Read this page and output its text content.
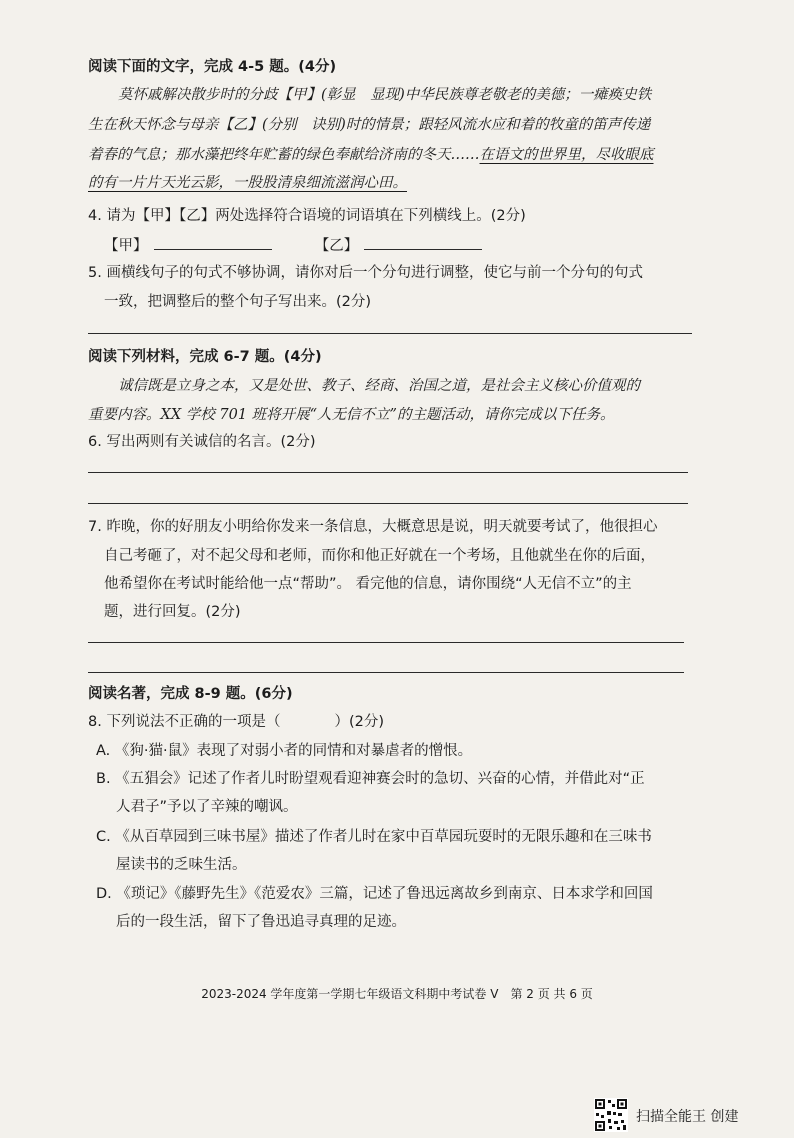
阅读下面的文字，完成 4-5 题。(4分)
莫怀戚解决散步时的分歧【甲】(彰显　显现)中华民族尊老敬老的美德；一瘫痪史铁
生在秋天怀念与母亲【乙】(分别　诀别)时的情景；跟轻风流水应和着的牧童的笛声传递
着春的气息；那水藻把终年贮蓄的绿色奉献给济南的冬天……在语文的世界里，尽收眼底
的有一片片天光云影，一股股清泉细流滋润心田。
4. 请为【甲】【乙】两处选择符合语境的词语填在下列横线上。(2分)
【甲】	【乙】
5. 画横线句子的句式不够协调，请你对后一个分句进行调整，使它与前一个分句的句式
一致，把调整后的整个句子写出来。(2分)
阅读下列材料，完成 6-7 题。(4分)
诚信既是立身之本，又是处世、教子、经商、治国之道，是社会主义核心价值观的
重要内容。XX 学校 701 班将开展“人无信不立”的主题活动，请你完成以下任务。
6. 写出两则有关诚信的名言。(2分)
7. 昨晚，你的好朋友小明给你发来一条信息，大概意思是说，明天就要考试了，他很担心
自己考砸了，对不起父母和老师，而你和他正好就在一个考场，且他就坐在你的后面，
他希望你在考试时能给他一点“帮助”。 看完他的信息，请你围绕“人无信不立”的主
题，进行回复。(2分)
阅读名著，完成 8-9 题。(6分)
8. 下列说法不正确的一项是（	）(2分)
A. 《狗·猫·鼠》表现了对弱小者的同情和对暴虐者的憎恨。
B. 《五猖会》记述了作者儿时盼望观看迎神赛会时的急切、兴奋的心情，并借此对“正
人君子”予以了辛辣的嘲讽。
C. 《从百草园到三味书屋》描述了作者儿时在家中百草园玩耍时的无限乐趣和在三味书
屋读书的乏味生活。
D. 《琐记》《藤野先生》《范爱农》三篇，记述了鲁迅远离故乡到南京、日本求学和回国
后的一段生活，留下了鲁迅追寻真理的足迹。
2023-2024 学年度第一学期七年级语文科期中考试卷 V　第 2 页 共 6 页
扫描全能王 创建
